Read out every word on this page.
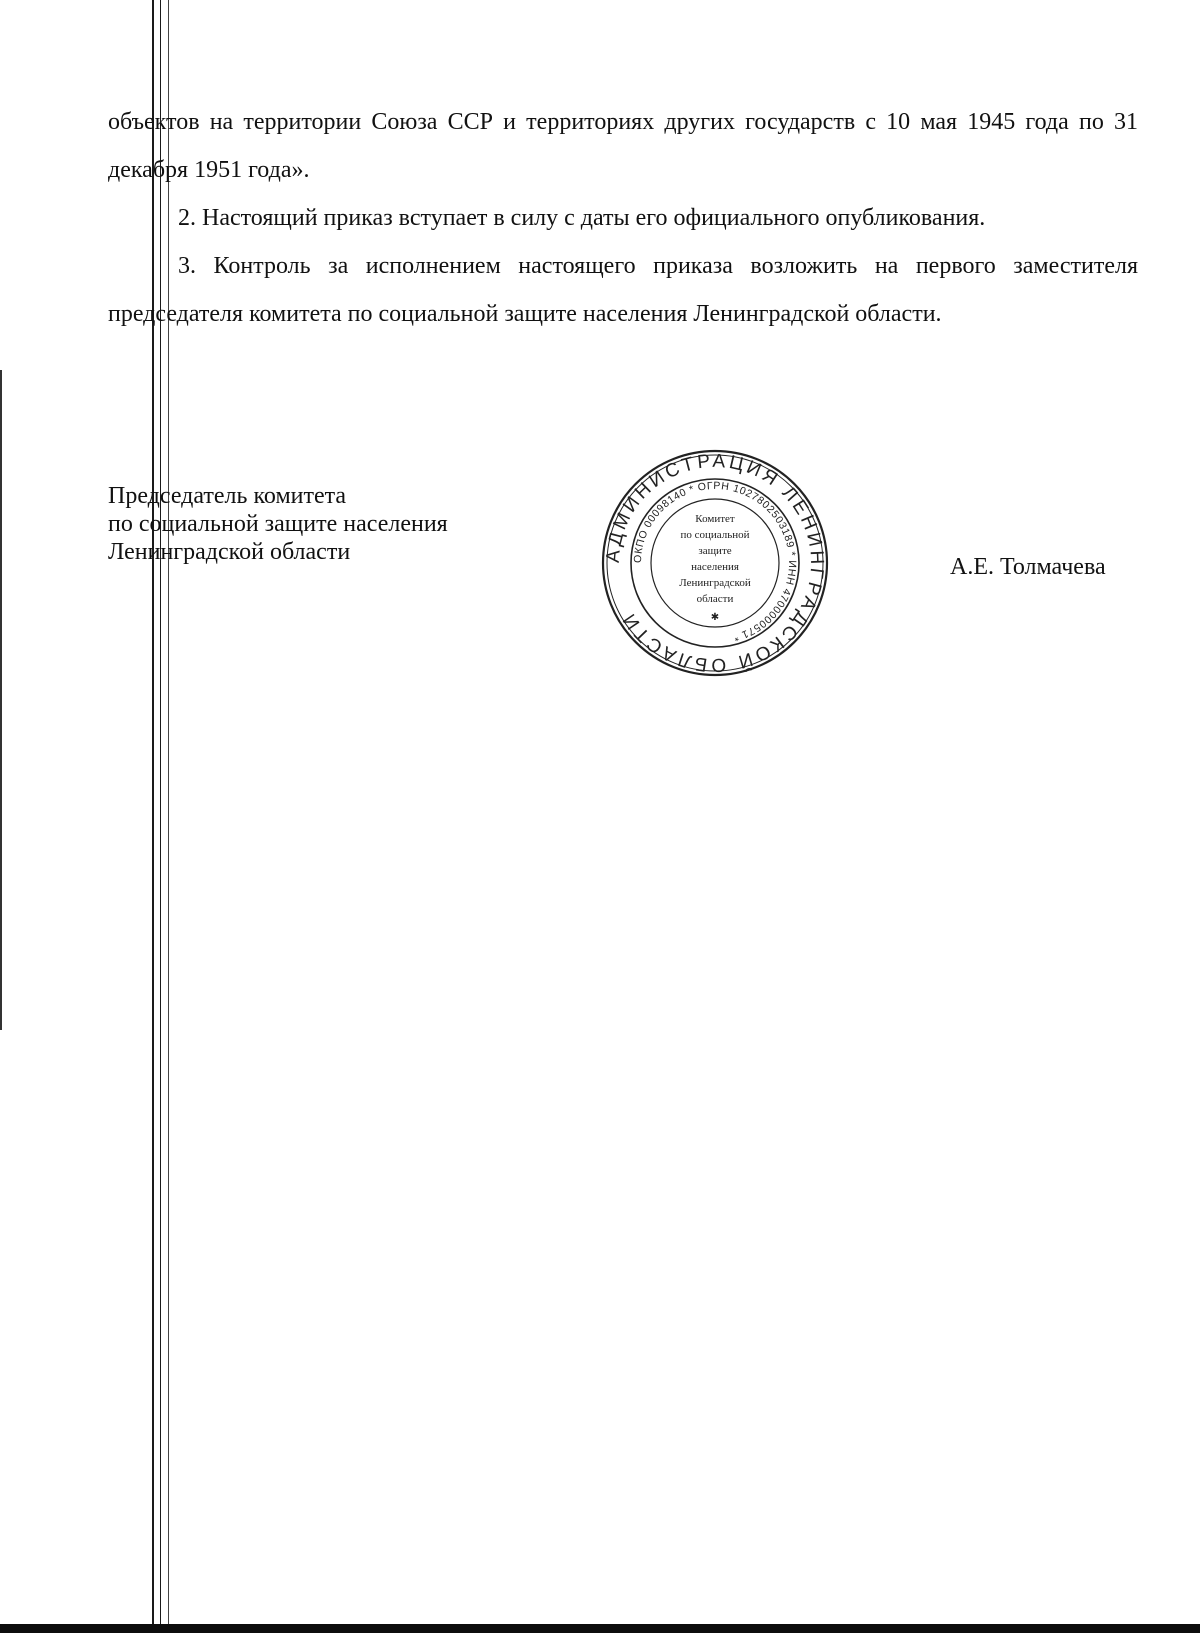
объектов на территории Союза ССР и территориях других государств с 10 мая 1945 года по 31 декабря 1951 года».

2. Настоящий приказ вступает в силу с даты его официального опубликования.

3. Контроль за исполнением настоящего приказа возложить на первого заместителя председателя комитета по социальной защите населения Ленинградской области.

Председатель комитета
по социальной защите населения
Ленинградской области	АДМИНИСТРАЦИЯ ЛЕНИНГРАДСКОЙ ОБЛАСТИ
ОКПО 00098140 * ОГРН 1027802503189 * ИНН 4700000571 *
Комитет
по социальной
защите
населения
Ленинградской
области
✱
А.Е. Толмачева
